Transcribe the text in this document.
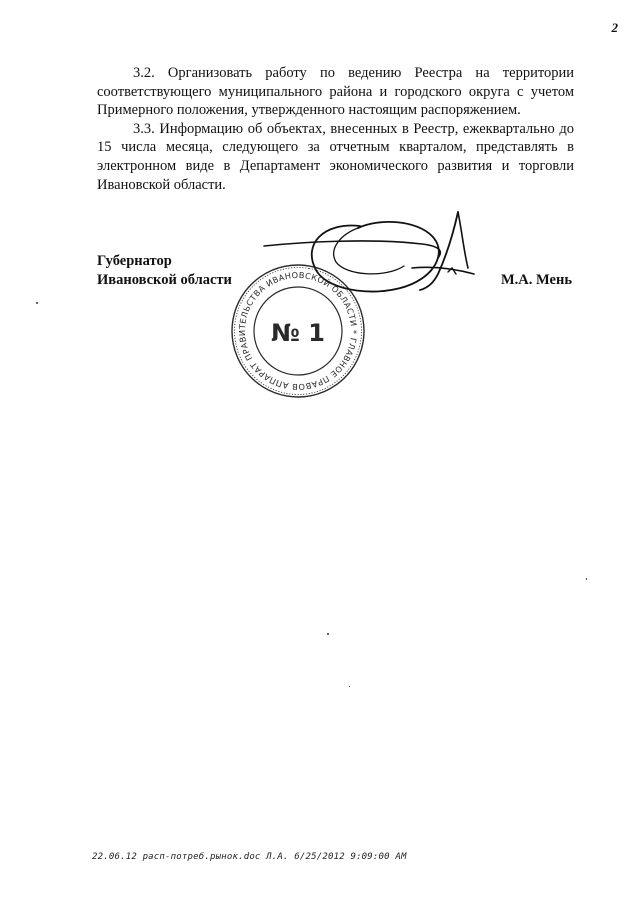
2

3.2. Организовать работу по ведению Реестра на территории соответствующего муниципального района и городского округа с учетом Примерного положения, утвержденного настоящим распоряжением.

3.3. Информацию об объектах, внесенных в Реестр, ежеквартально до 15 числа месяца, следующего за отчетным кварталом, представлять в электронном виде в Департамент экономического развития и торговли Ивановской области.

Губернатор
Ивановской области	М.А. Мень
АППАРАТ ПРАВИТЕЛЬСТВА ИВАНОВСКОЙ ОБЛАСТИ * ГЛАВНОЕ ПРАВОВОЕ
№ 1
22.06.12 расп-потреб.рынок.doc Л.А. 6/25/2012 9:09:00 AM
